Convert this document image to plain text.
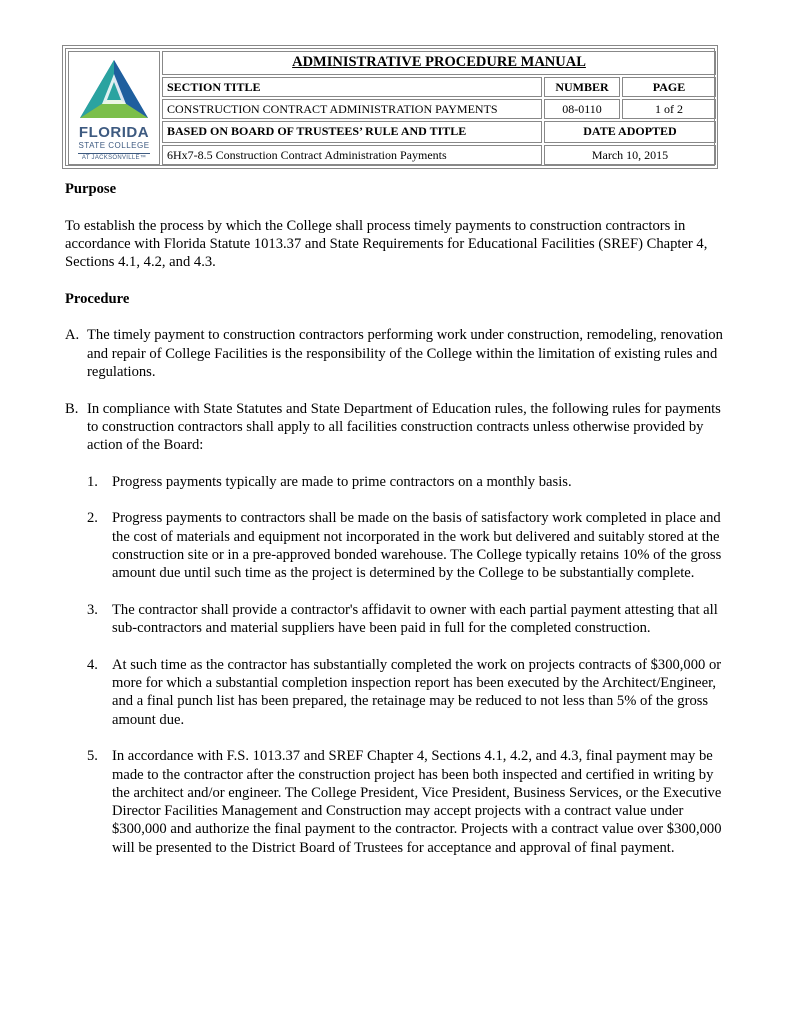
FLORIDA
STATE COLLEGE
AT JACKSONVILLE™
ADMINISTRATIVE PROCEDURE MANUAL
SECTION TITLE	NUMBER	PAGE
CONSTRUCTION CONTRACT ADMINISTRATION PAYMENTS	08-0110	1 of 2
BASED ON BOARD OF TRUSTEES’ RULE AND TITLE	DATE ADOPTED
6Hx7-8.5 Construction Contract Administration Payments	March 10, 2015

Purpose

To establish the process by which the College shall process timely payments to construction contractors in accordance with Florida Statute 1013.37 and State Requirements for Educational Facilities (SREF) Chapter 4, Sections 4.1, 4.2, and 4.3.

Procedure

A. The timely payment to construction contractors performing work under construction, remodeling, renovation and repair of College Facilities is the responsibility of the College within the limitation of existing rules and regulations.

B. In compliance with State Statutes and State Department of Education rules, the following rules for payments to construction contractors shall apply to all facilities construction contracts unless otherwise provided by action of the Board:

1. Progress payments typically are made to prime contractors on a monthly basis.

2. Progress payments to contractors shall be made on the basis of satisfactory work completed in place and the cost of materials and equipment not incorporated in the work but delivered and suitably stored at the construction site or in a pre-approved bonded warehouse. The College typically retains 10% of the gross amount due until such time as the project is determined by the College to be substantially complete.

3. The contractor shall provide a contractor's affidavit to owner with each partial payment attesting that all sub-contractors and material suppliers have been paid in full for the completed construction.

4. At such time as the contractor has substantially completed the work on projects contracts of $300,000 or more for which a substantial completion inspection report has been executed by the Architect/Engineer, and a final punch list has been prepared, the retainage may be reduced to not less than 5% of the gross amount due.

5. In accordance with F.S. 1013.37 and SREF Chapter 4, Sections 4.1, 4.2, and 4.3, final payment may be made to the contractor after the construction project has been both inspected and certified in writing by the architect and/or engineer. The College President, Vice President, Business Services, or the Executive Director Facilities Management and Construction may accept projects with a contract value under $300,000 and authorize the final payment to the contractor. Projects with a contract value over $300,000 will be presented to the District Board of Trustees for acceptance and approval of final payment.
